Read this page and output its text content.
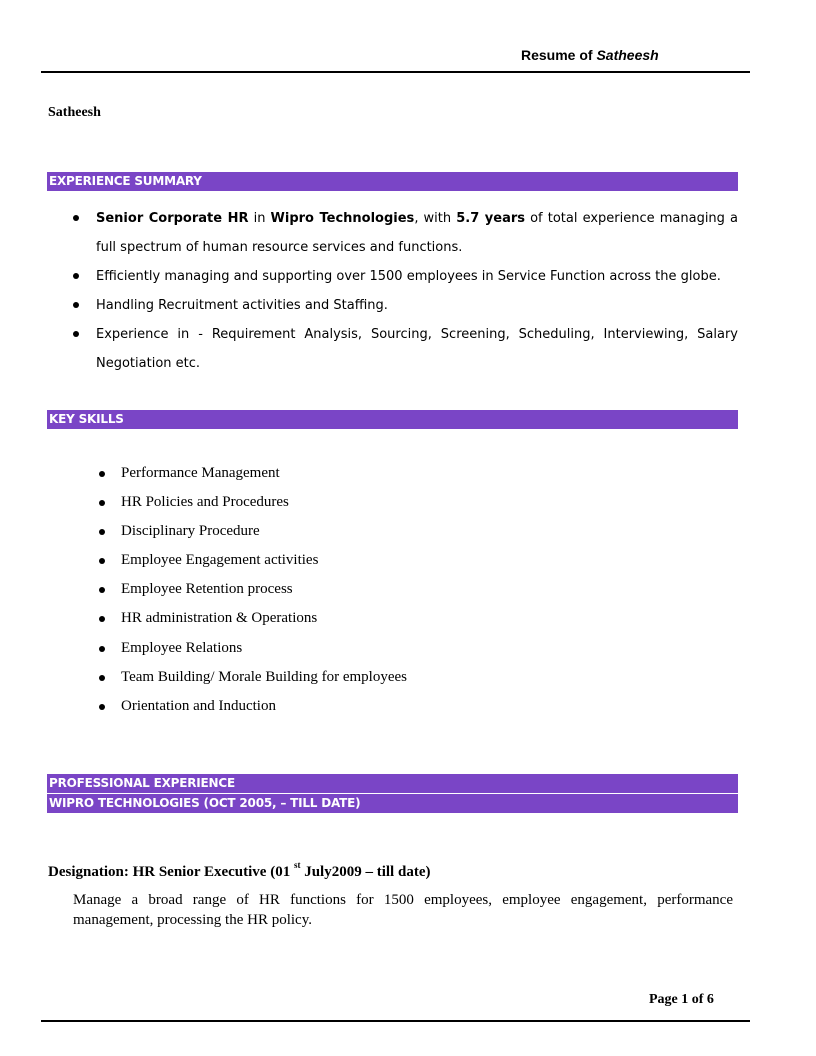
Resume of Satheesh
Satheesh
EXPERIENCE SUMMARY
Senior Corporate HR in Wipro Technologies, with 5.7 years of total experience managing a full spectrum of human resource services and functions.
Efficiently managing and supporting over 1500 employees in Service Function across the globe.
Handling Recruitment activities and Staffing.
Experience in - Requirement Analysis, Sourcing, Screening, Scheduling, Interviewing, Salary Negotiation etc.
KEY SKILLS
Performance Management
HR Policies and Procedures
Disciplinary Procedure
Employee Engagement activities
Employee Retention process
HR administration & Operations
Employee Relations
Team Building/ Morale Building for employees
Orientation and Induction
PROFESSIONAL EXPERIENCE
WIPRO TECHNOLOGIES (OCT 2005, – TILL DATE)
Designation: HR Senior Executive (01 $^{st}$ July2009 – till date)
Manage a broad range of HR functions for 1500 employees, employee engagement, performance management, processing the HR policy.
Page 1 of 6
